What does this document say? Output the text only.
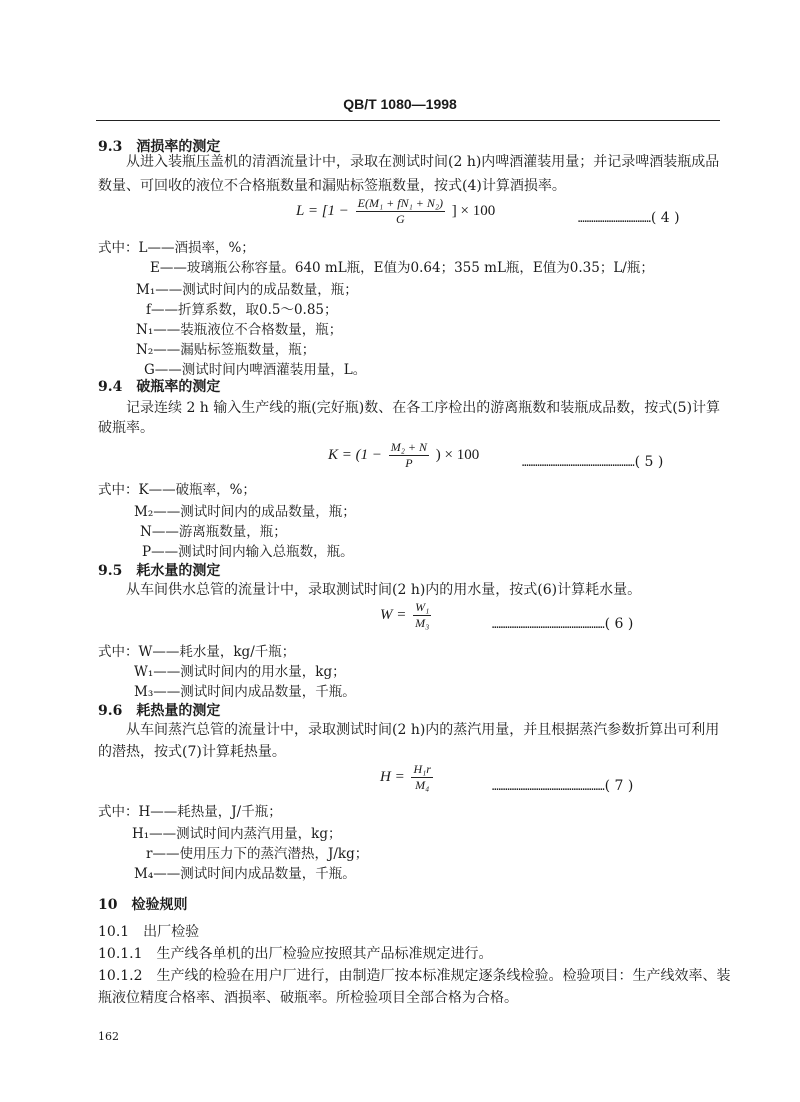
QB/T 1080—1998
9.3　酒损率的测定
从进入装瓶压盖机的清酒流量计中，录取在测试时间(2 h)内啤酒灌装用量；并记录啤酒装瓶成品
数量、可回收的液位不合格瓶数量和漏贴标签瓶数量，按式(4)计算酒损率。
$L = [1 - \frac{\text{E(M₁ + fN₁ + N₂)}}{G}$ ] × 100	……………………………( 4 )
式中：L——酒损率，%；
E——玻璃瓶公称容量。640 mL瓶，E值为0.64；355 mL瓶，E值为0.35；L/瓶；
M₁——测试时间内的成品数量，瓶；
f——折算系数，取0.5～0.85；
N₁——装瓶液位不合格数量，瓶；
N₂——漏贴标签瓶数量，瓶；
G——测试时间内啤酒灌装用量，L。
9.4　破瓶率的测定
记录连续 2 h 输入生产线的瓶(完好瓶)数、在各工序检出的游离瓶数和装瓶成品数，按式(5)计算
破瓶率。
$K = (1 - \frac{\text{M₂ + N}}{P}$ ) × 100	……………………………………………( 5 )
式中：K——破瓶率，%；
M₂——测试时间内的成品数量，瓶；
N——游离瓶数量，瓶；
P——测试时间内输入总瓶数，瓶。
9.5　耗水量的测定
从车间供水总管的流量计中，录取测试时间(2 h)内的用水量，按式(6)计算耗水量。
$W = \frac{\text{W₁}}{\text{M₃}}$	……………………………………………( 6 )
式中：W——耗水量，kg/千瓶；
W₁——测试时间内的用水量，kg；
M₃——测试时间内成品数量，千瓶。
9.6　耗热量的测定
从车间蒸汽总管的流量计中，录取测试时间(2 h)内的蒸汽用量，并且根据蒸汽参数折算出可利用
的潜热，按式(7)计算耗热量。
$H = \frac{\text{H₁r}}{\text{M₄}}$	……………………………………………( 7 )
式中：H——耗热量，J/千瓶；
H₁——测试时间内蒸汽用量，kg；
r——使用压力下的蒸汽潜热，J/kg；
M₄——测试时间内成品数量，千瓶。
10　检验规则
10.1　出厂检验
10.1.1　生产线各单机的出厂检验应按照其产品标准规定进行。
10.1.2　生产线的检验在用户厂进行，由制造厂按本标准规定逐条线检验。检验项目：生产线效率、装
瓶液位精度合格率、酒损率、破瓶率。所检验项目全部合格为合格。
162
